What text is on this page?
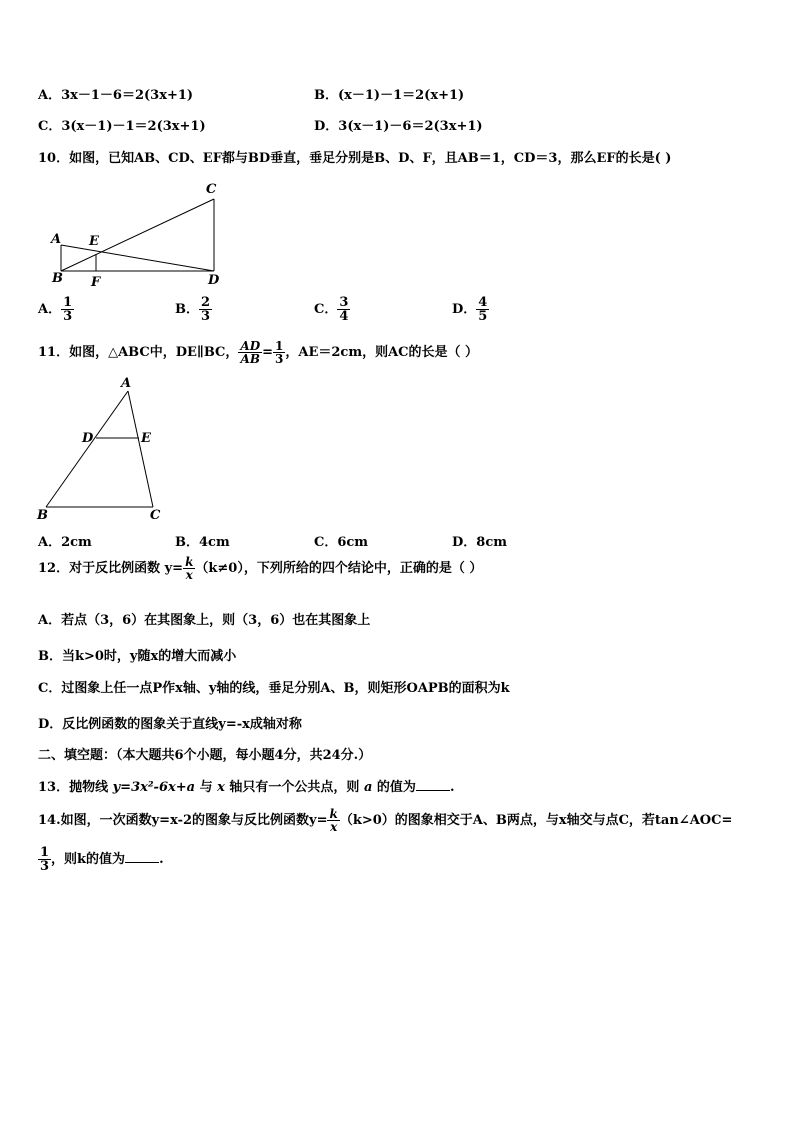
A．3x－1－6＝2(3x+1)	B．(x－1)－1＝2(x+1)
C．3(x－1)－1＝2(3x+1)	D．3(x－1)－6＝2(3x+1)
10．如图，已知AB、CD、EF都与BD垂直，垂足分别是B、D、F，且AB＝1，CD＝3，那么EF的长是( )
A
B
C
D
E
F
A． $\frac{1}{3}$	B． $\frac{2}{3}$	C． $\frac{3}{4}$	D． $\frac{4}{5}$
11．如图，△ABC中，DE∥BC， $\frac{AD}{AB} = \frac{1}{3}$ ，AE＝2cm，则AC的长是（ ）
A
D	E
B	C
A．2cm	B．4cm	C．6cm	D．8cm
12．对于反比例函数 $y= \frac{k}{x} (k\ne 0)$，下列所给的四个结论中，正确的是（ ）
A．若点（3，6）在其图象上，则（3，6）也在其图象上
B．当k>0时，y随x的增大而减小
C．过图象上任一点P作x轴、y轴的线，垂足分别A、B，则矩形OAPB的面积为k
D．反比例函数的图象关于直线y=-x成轴对称
二、填空题：（本大题共6个小题，每小题4分，共24分.）
13．抛物线 y=3x²-6x+a 与 x 轴只有一个公共点，则 a 的值为	.
14.如图，一次函数y=x-2的图象与反比例函数$y= \frac{k}{x} (k>0)$的图象相交于A、B两点，与x轴交与点C，若tan∠AOC=
$\frac{1}{3}$ ，则k的值为	.
